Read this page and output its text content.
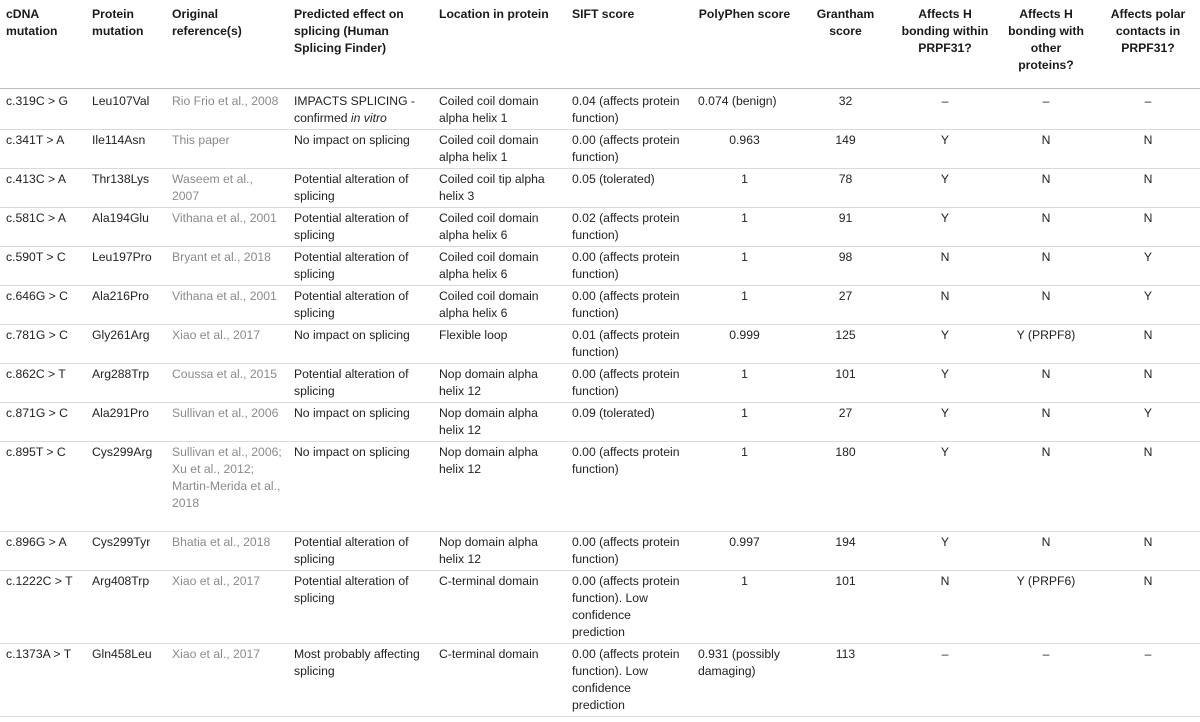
cDNA mutation	Protein mutation	Original reference(s)	Predicted effect on splicing (Human Splicing Finder)	Location in protein	SIFT score	PolyPhen score	Grantham score	Affects H bonding within PRPF31?	Affects H bonding with other proteins?	Affects polar contacts in PRPF31?
c.319C > G	Leu107Val	Rio Frio et al., 2008	IMPACTS SPLICING - confirmed in vitro	Coiled coil domain alpha helix 1	0.04 (affects protein function)	0.074 (benign)	32	–	–	–
c.341T > A	Ile114Asn	This paper	No impact on splicing	Coiled coil domain alpha helix 1	0.00 (affects protein function)	0.963	149	Y	N	N
c.413C > A	Thr138Lys	Waseem et al., 2007	Potential alteration of splicing	Coiled coil tip alpha helix 3	0.05 (tolerated)	1	78	Y	N	N
c.581C > A	Ala194Glu	Vithana et al., 2001	Potential alteration of splicing	Coiled coil domain alpha helix 6	0.02 (affects protein function)	1	91	Y	N	N
c.590T > C	Leu197Pro	Bryant et al., 2018	Potential alteration of splicing	Coiled coil domain alpha helix 6	0.00 (affects protein function)	1	98	N	N	Y
c.646G > C	Ala216Pro	Vithana et al., 2001	Potential alteration of splicing	Coiled coil domain alpha helix 6	0.00 (affects protein function)	1	27	N	N	Y
c.781G > C	Gly261Arg	Xiao et al., 2017	No impact on splicing	Flexible loop	0.01 (affects protein function)	0.999	125	Y	Y (PRPF8)	N
c.862C > T	Arg288Trp	Coussa et al., 2015	Potential alteration of splicing	Nop domain alpha helix 12	0.00 (affects protein function)	1	101	Y	N	N
c.871G > C	Ala291Pro	Sullivan et al., 2006	No impact on splicing	Nop domain alpha helix 12	0.09 (tolerated)	1	27	Y	N	Y
c.895T > C	Cys299Arg	Sullivan et al., 2006; Xu et al., 2012; Martin-Merida et al., 2018	No impact on splicing	Nop domain alpha helix 12	0.00 (affects protein function)	1	180	Y	N	N
c.896G > A	Cys299Tyr	Bhatia et al., 2018	Potential alteration of splicing	Nop domain alpha helix 12	0.00 (affects protein function)	0.997	194	Y	N	N
c.1222C > T	Arg408Trp	Xiao et al., 2017	Potential alteration of splicing	C-terminal domain	0.00 (affects protein function). Low confidence prediction	1	101	N	Y (PRPF6)	N
c.1373A > T	Gln458Leu	Xiao et al., 2017	Most probably affecting splicing	C-terminal domain	0.00 (affects protein function). Low confidence prediction	0.931 (possibly damaging)	113	–	–	–
